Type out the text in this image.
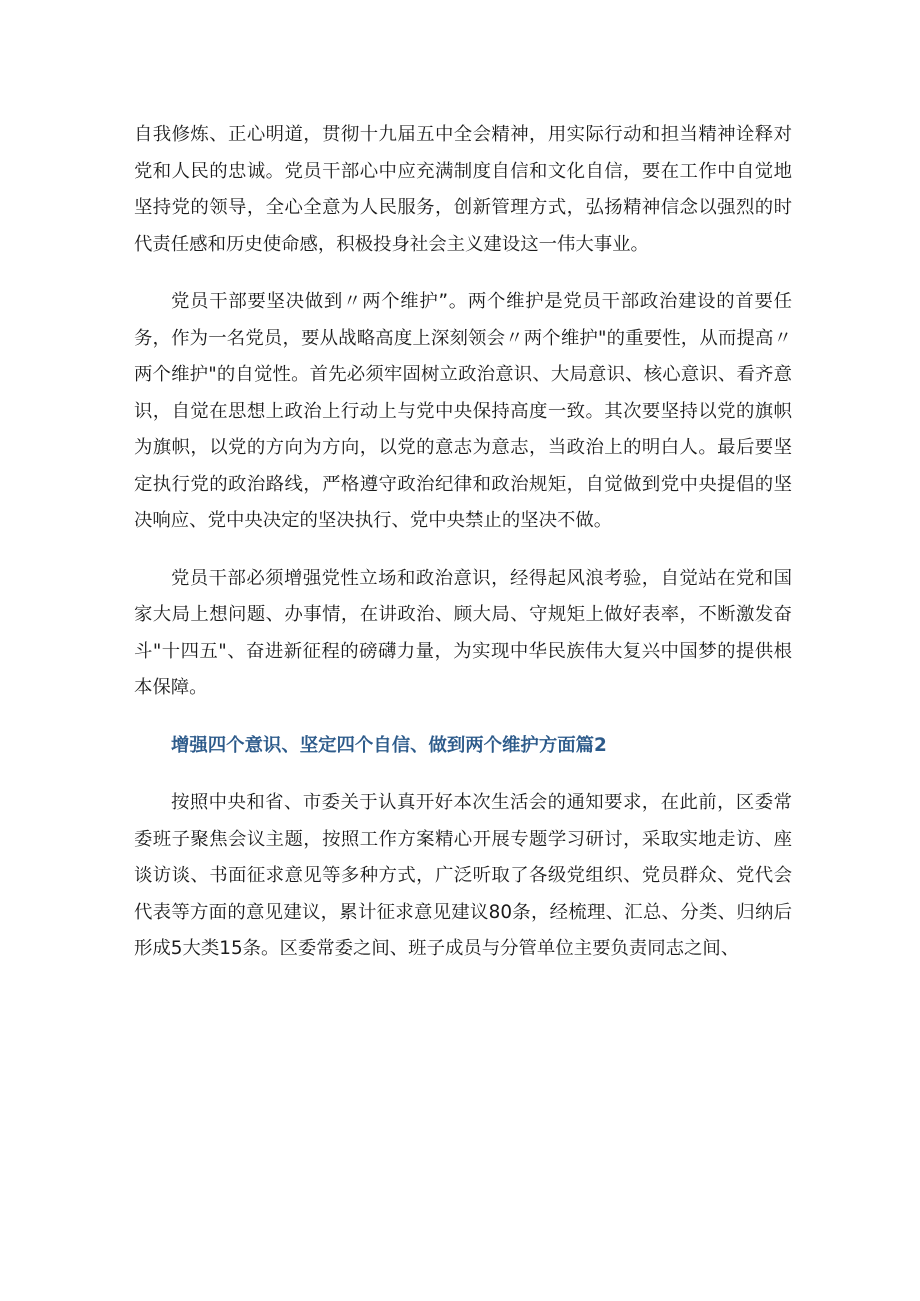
自我修炼、正心明道，贯彻十九届五中全会精神，用实际行动和担当精神诠释对党和人民的忠诚。党员干部心中应充满制度自信和文化自信，要在工作中自觉地坚持党的领导，全心全意为人民服务，创新管理方式，弘扬精神信念以强烈的时代责任感和历史使命感，积极投身社会主义建设这一伟大事业。

党员干部要坚决做到〃两个维护”。两个维护是党员干部政治建设的首要任务，作为一名党员，要从战略高度上深刻领会〃两个维护"的重要性，从而提高〃两个维护"的自觉性。首先必须牢固树立政治意识、大局意识、核心意识、看齐意识，自觉在思想上政治上行动上与党中央保持高度一致。其次要坚持以党的旗帜为旗帜，以党的方向为方向，以党的意志为意志，当政治上的明白人。最后要坚定执行党的政治路线，严格遵守政治纪律和政治规矩，自觉做到党中央提倡的坚决响应、党中央决定的坚决执行、党中央禁止的坚决不做。

党员干部必须增强党性立场和政治意识，经得起风浪考验，自觉站在党和国家大局上想问题、办事情，在讲政治、顾大局、守规矩上做好表率，不断激发奋斗"十四五"、奋进新征程的磅礴力量，为实现中华民族伟大复兴中国梦的提供根本保障。

增强四个意识、坚定四个自信、做到两个维护方面篇2

按照中央和省、市委关于认真开好本次生活会的通知要求，在此前，区委常委班子聚焦会议主题，按照工作方案精心开展专题学习研讨，采取实地走访、座谈访谈、书面征求意见等多种方式，广泛听取了各级党组织、党员群众、党代会代表等方面的意见建议，累计征求意见建议80条，经梳理、汇总、分类、归纳后形成5大类15条。区委常委之间、班子成员与分管单位主要负责同志之间、
